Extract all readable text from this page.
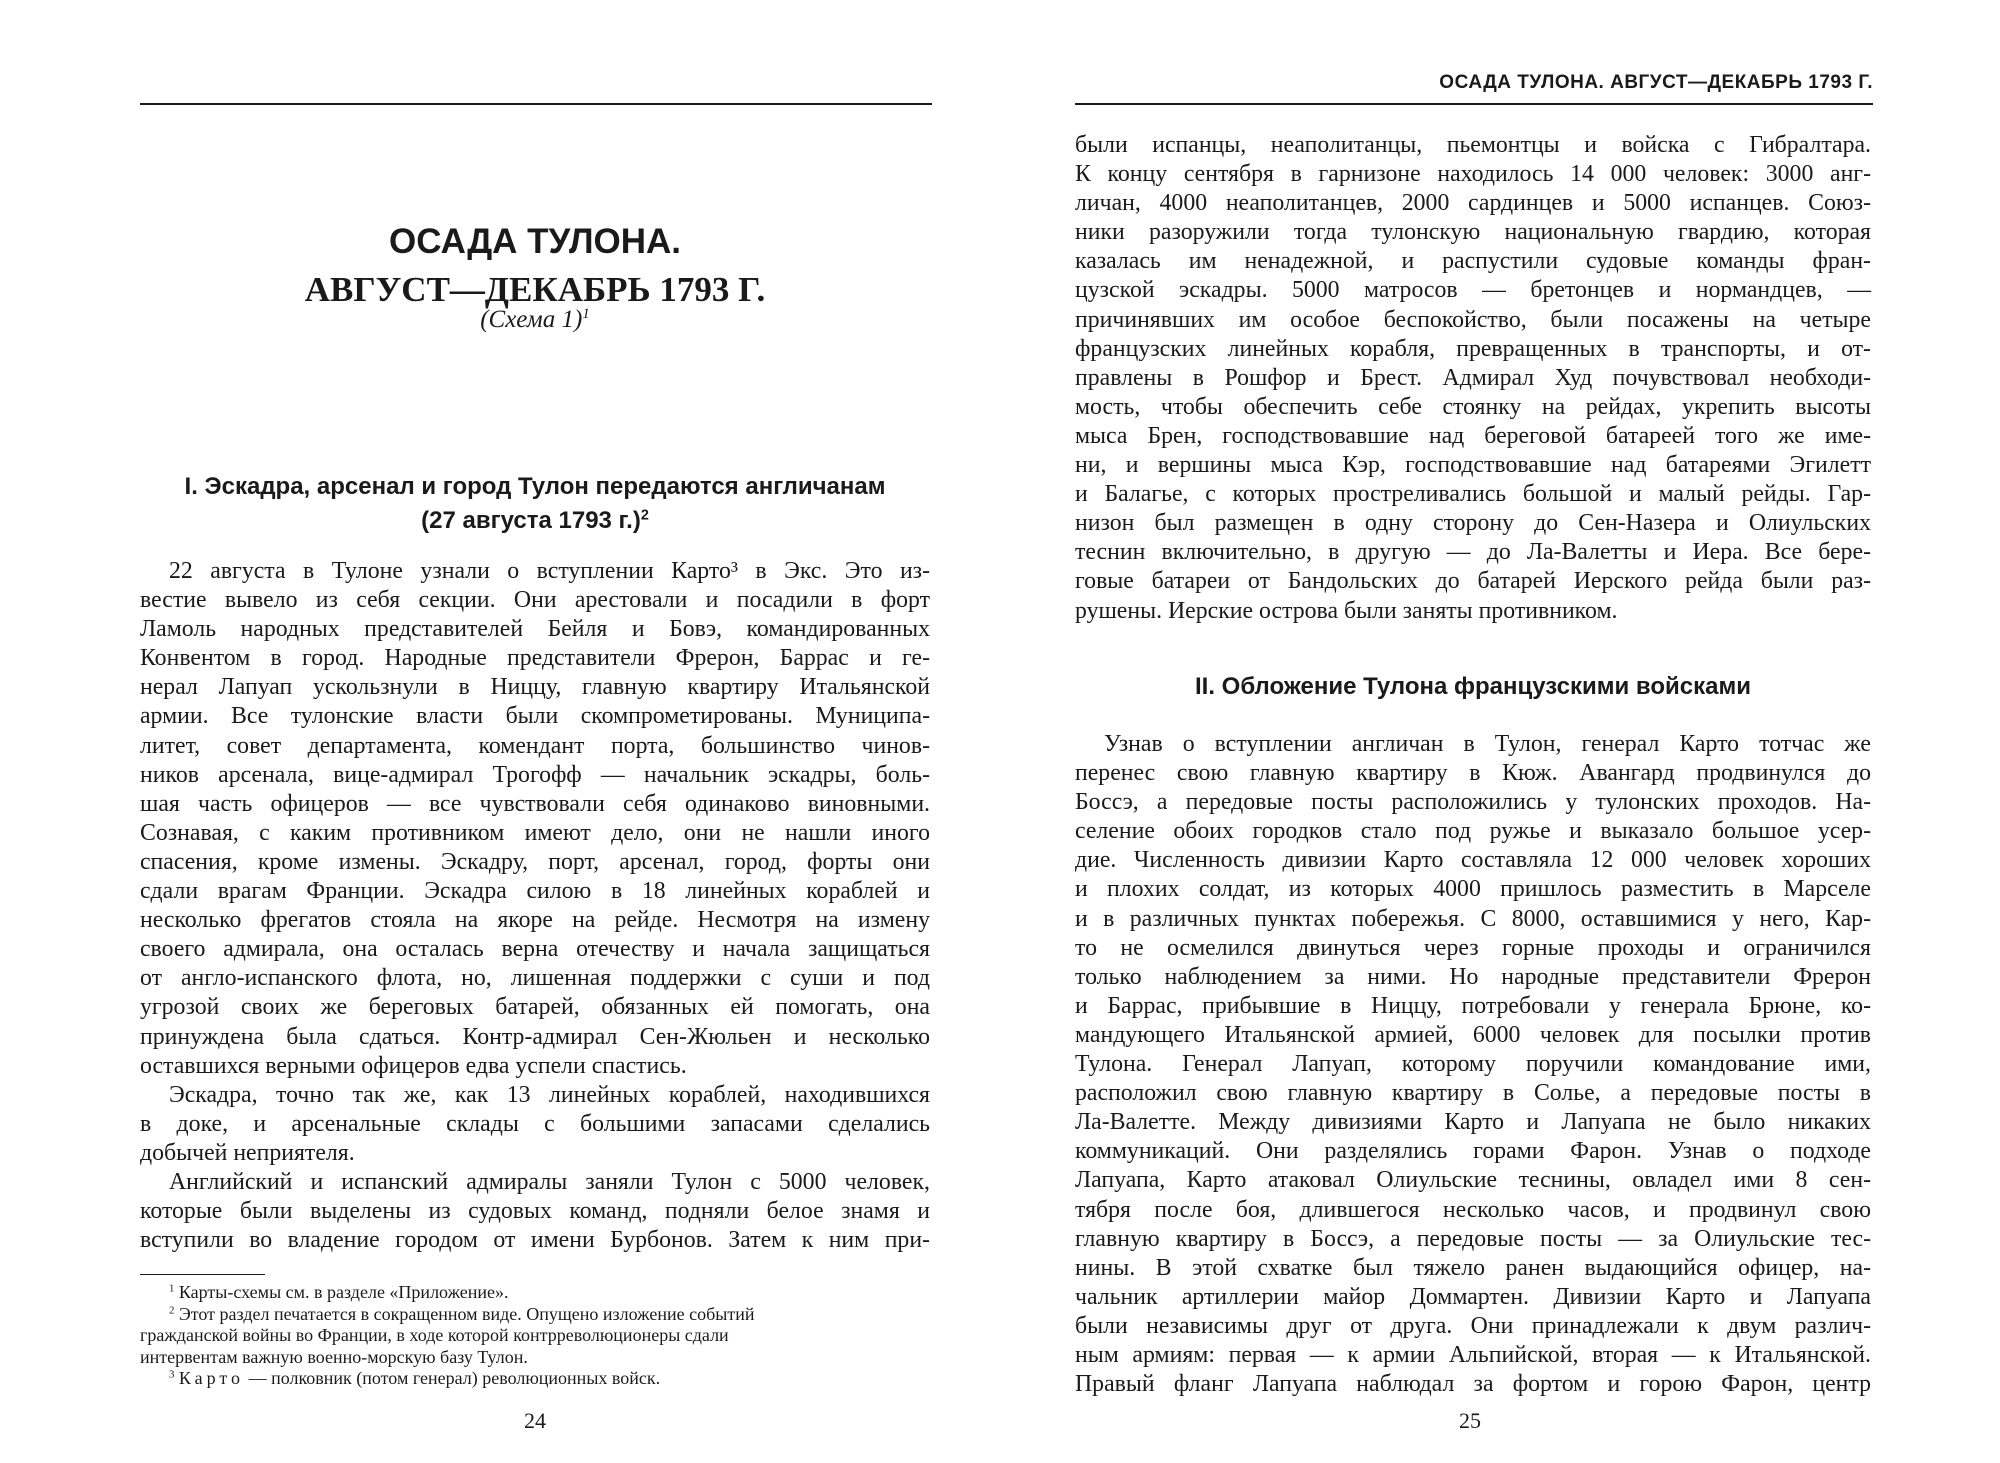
ОСАДА ТУЛОНА.
АВГУСТ—ДЕКАБРЬ 1793 Г.
(Схема 1)$^1$
I. Эскадра, арсенал и город Тулон передаются англичанам
(27 августа 1793 г.)$^2$
22 августа в Тулоне узнали о вступлении Карто³ в Экс. Это из-
вестие вывело из себя секции. Они арестовали и посадили в форт
Ламоль народных представителей Бейля и Бовэ, командированных
Конвентом в город. Народные представители Фрерон, Баррас и ге-
нерал Лапуап ускользнули в Ниццу, главную квартиру Итальянской
армии. Все тулонские власти были скомпрометированы. Муниципа-
литет, совет департамента, комендант порта, большинство чинов-
ников арсенала, вице-адмирал Трогофф — начальник эскадры, боль-
шая часть офицеров — все чувствовали себя одинаково виновными.
Сознавая, с каким противником имеют дело, они не нашли иного
спасения, кроме измены. Эскадру, порт, арсенал, город, форты они
сдали врагам Франции. Эскадра силою в 18 линейных кораблей и
несколько фрегатов стояла на якоре на рейде. Несмотря на измену
своего адмирала, она осталась верна отечеству и начала защищаться
от англо-испанского флота, но, лишенная поддержки с суши и под
угрозой своих же береговых батарей, обязанных ей помогать, она
принуждена была сдаться. Контр-адмирал Сен-Жюльен и несколько
оставшихся верными офицеров едва успели спастись.
Эскадра, точно так же, как 13 линейных кораблей, находившихся
в доке, и арсенальные склады с большими запасами сделались
добычей неприятеля.
Английский и испанский адмиралы заняли Тулон с 5000 человек,
которые были выделены из судовых команд, подняли белое знамя и
вступили во владение городом от имени Бурбонов. Затем к ним при-
$^1$ Карты-схемы см. в разделе «Приложение».
$^2$ Этот раздел печатается в сокращенном виде. Опущено изложение событий
гражданской войны во Франции, в ходе которой контрреволюционеры сдали
интервентам важную военно-морскую базу Тулон.
$^3$ Карто — полковник (потом генерал) революционных войск.
24
ОСАДА ТУЛОНА. АВГУСТ—ДЕКАБРЬ 1793 Г.
были испанцы, неаполитанцы, пьемонтцы и войска с Гибралтара.
К концу сентября в гарнизоне находилось 14 000 человек: 3000 анг-
личан, 4000 неаполитанцев, 2000 сардинцев и 5000 испанцев. Союз-
ники разоружили тогда тулонскую национальную гвардию, которая
казалась им ненадежной, и распустили судовые команды фран-
цузской эскадры. 5000 матросов — бретонцев и нормандцев, —
причинявших им особое беспокойство, были посажены на четыре
французских линейных корабля, превращенных в транспорты, и от-
правлены в Рошфор и Брест. Адмирал Худ почувствовал необходи-
мость, чтобы обеспечить себе стоянку на рейдах, укрепить высоты
мыса Брен, господствовавшие над береговой батареей того же име-
ни, и вершины мыса Кэр, господствовавшие над батареями Эгилетт
и Балагье, с которых простреливались большой и малый рейды. Гар-
низон был размещен в одну сторону до Сен-Назера и Олиульских
теснин включительно, в другую — до Ла-Валетты и Иера. Все бере-
говые батареи от Бандольских до батарей Иерского рейда были раз-
рушены. Иерские острова были заняты противником.
II. Обложение Тулона французскими войсками
Узнав о вступлении англичан в Тулон, генерал Карто тотчас же
перенес свою главную квартиру в Кюж. Авангард продвинулся до
Боссэ, а передовые посты расположились у тулонских проходов. На-
селение обоих городков стало под ружье и выказало большое усер-
дие. Численность дивизии Карто составляла 12 000 человек хороших
и плохих солдат, из которых 4000 пришлось разместить в Марселе
и в различных пунктах побережья. С 8000, оставшимися у него, Кар-
то не осмелился двинуться через горные проходы и ограничился
только наблюдением за ними. Но народные представители Фрерон
и Баррас, прибывшие в Ниццу, потребовали у генерала Брюне, ко-
мандующего Итальянской армией, 6000 человек для посылки против
Тулона. Генерал Лапуап, которому поручили командование ими,
расположил свою главную квартиру в Солье, а передовые посты в
Ла-Валетте. Между дивизиями Карто и Лапуапа не было никаких
коммуникаций. Они разделялись горами Фарон. Узнав о подходе
Лапуапа, Карто атаковал Олиульские теснины, овладел ими 8 сен-
тября после боя, длившегося несколько часов, и продвинул свою
главную квартиру в Боссэ, а передовые посты — за Олиульские тес-
нины. В этой схватке был тяжело ранен выдающийся офицер, на-
чальник артиллерии майор Доммартен. Дивизии Карто и Лапуапа
были независимы друг от друга. Они принадлежали к двум различ-
ным армиям: первая — к армии Альпийской, вторая — к Итальянской.
Правый фланг Лапуапа наблюдал за фортом и горою Фарон, центр
25
